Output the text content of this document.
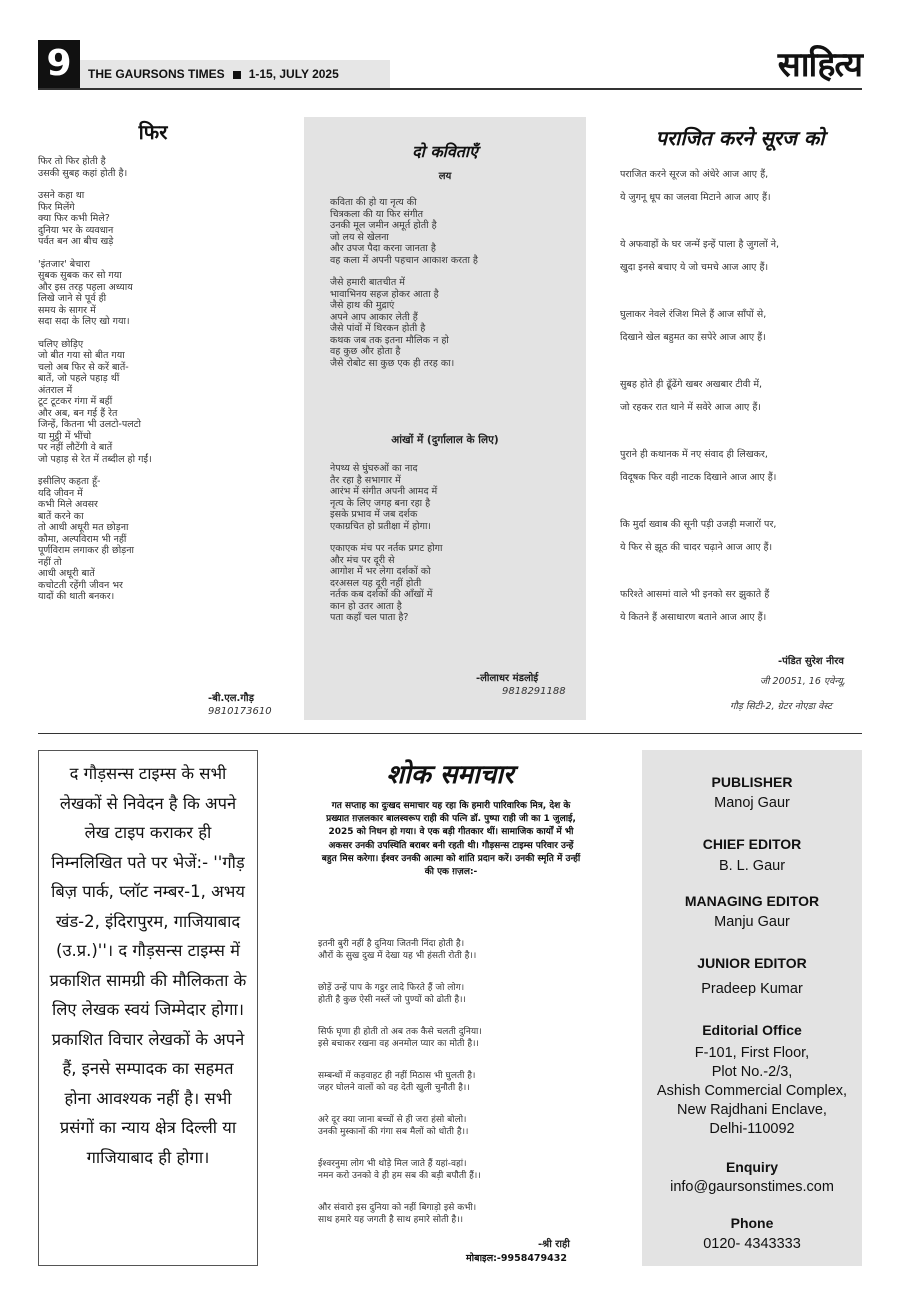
9	THE GAURSONS TIMES 1-15, JULY 2025	साहित्य
फिर
फिर तो फिर होती है
उसकी सुबह कहां होती है।
उसने कहा था
फिर मिलेंगे
क्या फिर कभी मिले?
दुनिया भर के व्यवधान
पर्वत बन आ बीच खड़े
'इंतजार' बेचारा
सुबक सुबक कर सो गया
और इस तरह पहला अध्याय
लिखे जाने से पूर्व ही
समय के सागर में
सदा सदा के लिए खो गया।
चलिए छोड़िए
जो बीत गया सो बीत गया
चलो अब फिर से करें बातें-
बातें, जो पहले पहाड़ थीं
अंतराल में
टूट टूटकर गंगा में बहीं
और अब, बन गई हैं रेत
जिन्हें, कितना भी उलटो-पलटो
या मुट्ठी में भींचो
पर नहीं लौटेंगी वे बातें
जो पहाड़ से रेत में तब्दील हो गईं।
इसीलिए कहता हूँ-
यदि जीवन में
कभी मिले अवसर
बातें करने का
तो आधी अधूरी मत छोड़ना
कौमा, अल्पविराम भी नहीं
पूर्णविराम लगाकर ही छोड़ना
नहीं तो
आधी अधूरी बातें
कचोटती रहेंगी जीवन भर
यादों की थाती बनकर।
-बी.एल.गौड़
9810173610
दो कविताएँ
लय
कविता की हो या नृत्य की
चित्रकला की या फिर संगीत
उनकी मूल जमीन अमूर्त होती है
जो लय से खेलना
और उपज पैदा करना जानता है
वह कला में अपनी पहचान आकाश करता है
जैसे हमारी बातचीत में
भावाभिनय सहज होकर आता है
जैसे हाथ की मुद्राएं
अपने आप आकार लेती हैं
जैसे पांवों में थिरकन होती है
कथक जब तक इतना मौलिक न हो
वह कुछ और होता है
जैसे रोबोट सा कुछ एक ही तरह का।
आंखों में (दुर्गालाल के लिए)
नेपथ्य से घुंघरुओं का नाद
तैर रहा है सभागार में
आरंभ में संगीत अपनी आमद में
नृत्य के लिए जगह बना रहा है
इसके प्रभाव में जब दर्शक
एकाग्रचित हो प्रतीक्षा में होगा।
एकाएक मंच पर नर्तक प्रगट होगा
और मंच पर दूरी से
आगोश में भर लेगा दर्शकों को
दरअसल यह दूरी नहीं होती
नर्तक कब दर्शकों की आँखों में
कान हो उतर आता है
पता कहाँ चल पाता है?
-लीलाधर मंडलोई
9818291188
पराजित करने सूरज को
पराजित करने सूरज को अंधेरे आज आए हैं,
ये जुगनू धूप का जलवा मिटाने आज आए हैं।
ये अफवाहों के घर जन्में इन्हें पाला है जुगलों ने,
खुदा इनसे बचाए ये जो चमचे आज आए हैं।
घुलाकर नेवले रंजिश मिले हैं आज साँपों से,
दिखाने खेल बहुमत का सपेरे आज आए हैं।
सुबह होते ही ढूँढेंगे खबर अखबार टीवी में,
जो रहकर रात थाने में सवेरे आज आए हैं।
पुराने ही कथानक में नए संवाद ही लिखकर,
विदूषक फिर वही नाटक दिखाने आज आए हैं।
कि मुर्दा ख्वाब की सूनी पड़ी उजड़ी मजारों पर,
ये फिर से झूठ की चादर चढ़ाने आज आए हैं।
फरिश्ते आसमां वाले भी इनको सर झुकाते हैं
ये कितने हैं असाधारण बताने आज आए हैं।
-पंडित सुरेश नीरव
जी 20051, 16 एवेन्यू,
गौड़ सिटी-2, ग्रेटर नोएडा वेस्ट
द गौड़सन्स टाइम्स के सभी लेखकों से निवेदन है कि अपने लेख टाइप कराकर ही निम्नलिखित पते पर भेजें:- ''गौड़ बिज़ पार्क, प्लॉट नम्बर-1, अभय खंड-2, इंदिरापुरम, गाजियाबाद (उ.प्र.)''। द गौड़सन्स टाइम्स में प्रकाशित सामग्री की मौलिकता के लिए लेखक स्वयं जिम्मेदार होगा। प्रकाशित विचार लेखकों के अपने हैं, इनसे सम्पादक का सहमत होना आवश्यक नहीं है। सभी प्रसंगों का न्याय क्षेत्र दिल्ली या गाजियाबाद ही होगा।
शोक समाचार
गत सप्ताह का दुःखद समाचार यह रहा कि हमारी पारिवारिक मित्र, देश के प्रख्यात ग़ज़लकार बालस्वरूप राही की पत्नि डॉ. पुष्पा राही जी का 1 जुलाई, 2025 को निधन हो गया। वे एक बड़ी गीतकार थीं। सामाजिक कार्यों में भी अकसर उनकी उपस्थिति बराबर बनी रहती थी। गौड़सन्स टाइम्स परिवार उन्हें बहुत मिस करेगा। ईश्वर उनकी आत्मा को शांति प्रदान करें। उनकी स्मृति में उन्हीं की एक ग़ज़ल:-
इतनी बुरी नहीं है दुनिया जितनी निंदा होती है।
औरों के सुख दुख में देखा यह भी हंसती रोती है।।
छोड़ें उन्हें पाप के गट्ठर लादे फिरते हैं जो लोग।
होती है कुछ ऐसी नस्लें जो पुण्यों को ढोती है।।
सिर्फ घृणा ही होती तो अब तक कैसे चलती दुनिया।
इसे बचाकर रखना वह अनमोल प्यार का मोती है।।
सम्बन्धों में कड़वाहट ही नहीं मिठास भी घुलती है।
जहर घोलने वालों को वह देती खुली चुनौती है।।
अरे दूर क्या जाना बच्चों से ही जरा हंसो बोलो।
उनकी मुस्कानों की गंगा सब मैलों को धोती है।।
ईश्वरनुमा लोग भी थोड़े मिल जाते हैं यहां-वहां।
नमन करो उनको वे ही हम सब की बड़ी बपौती हैं।।
और संवारो इस दुनिया को नहीं बिगाड़ो इसे कभी।
साथ हमारे यह जगती है साथ हमारे सोती है।।
-श्री राही
मोबाइल:-9958479432
PUBLISHER
Manoj Gaur
CHIEF EDITOR
B. L. Gaur
MANAGING EDITOR
Manju Gaur
JUNIOR EDITOR
Pradeep Kumar
Editorial Office
F-101, First Floor,
Plot No.-2/3,
Ashish Commercial Complex,
New Rajdhani Enclave,
Delhi-110092
Enquiry
info@gaursonstimes.com
Phone
0120- 4343333
